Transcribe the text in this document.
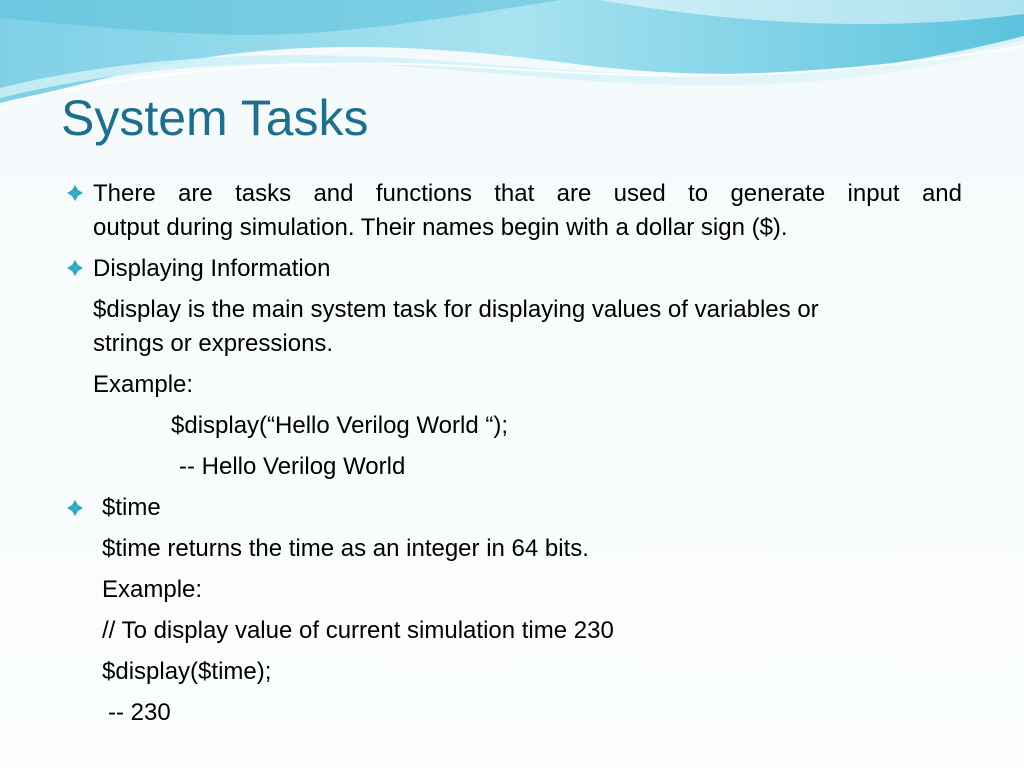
System Tasks
There are tasks and functions that are used to generate input and
output during simulation. Their names begin with a dollar sign ($).
Displaying Information
$display is the main system task for displaying values of variables or
strings or expressions.
Example:
$display(“Hello Verilog World “);
-- Hello Verilog World
$time
$time returns the time as an integer in 64 bits.
Example:
// To display value of current simulation time 230
$display($time);
-- 230
